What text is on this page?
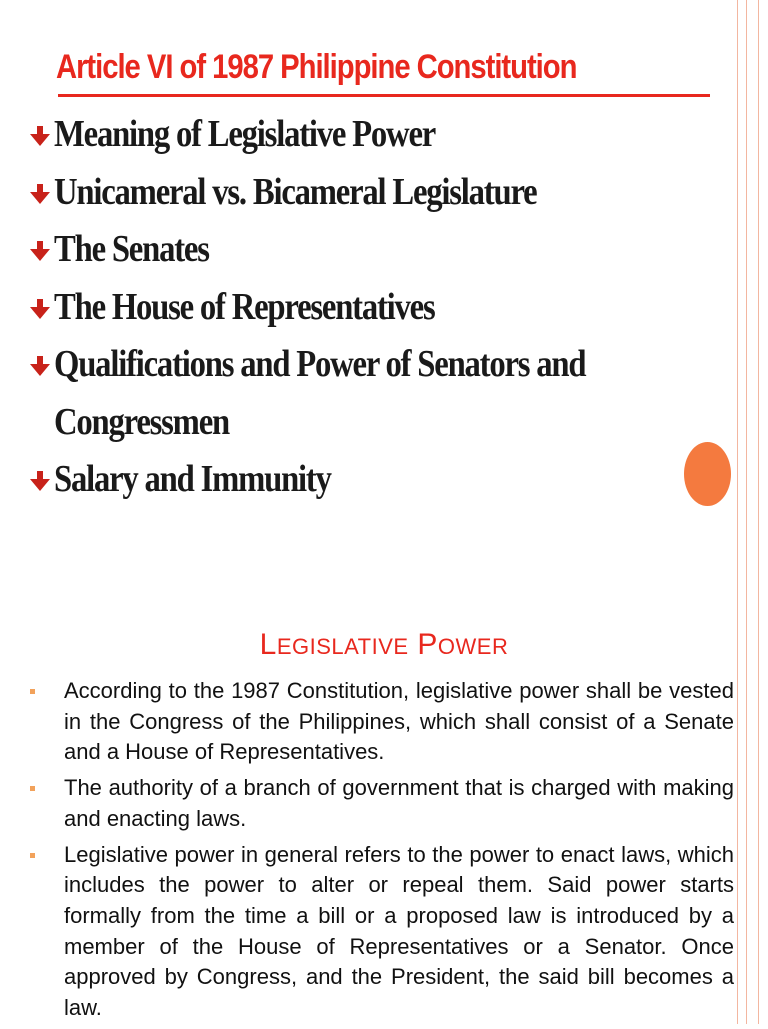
Article VI of 1987 Philippine Constitution
Meaning of Legislative Power
Unicameral vs. Bicameral Legislature
The Senates
The House of Representatives
Qualifications and Power of Senators and
Congressmen
Salary and Immunity
LEGISLATIVE POWER
According to the 1987 Constitution, legislative power shall be vested in the Congress of the Philippines, which shall consist of a Senate and a House of Representatives.
The authority of a branch of government that is charged with making and enacting laws.
Legislative power in general refers to the power to enact laws, which includes the power to alter or repeal them. Said power starts formally from the time a bill or a proposed law is introduced by a member of the House of Representatives or a Senator. Once approved by Congress, and the President, the said bill becomes a law.
